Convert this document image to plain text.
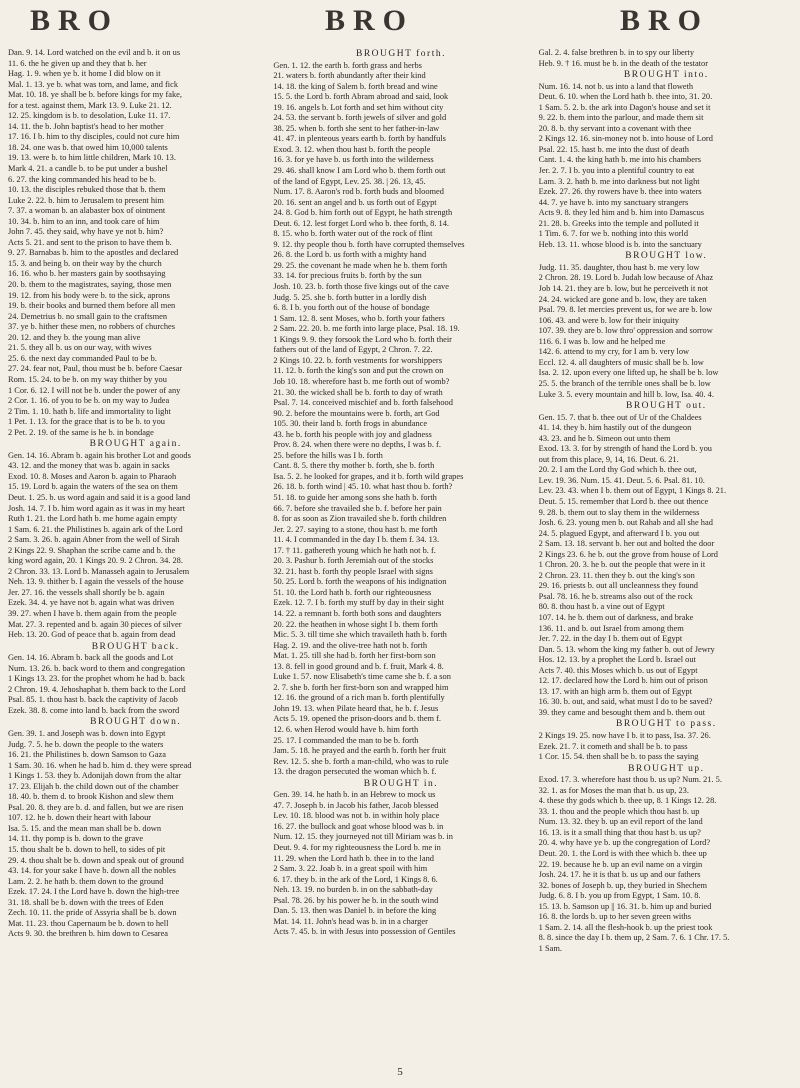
BRO	BRO	BRO

Dan. 9. 14. Lord watched on the evil and b. it on us

11. 6. the he given up and they that b. her

Hag. 1. 9. when ye b. it home I did blow on it

Mal. 1. 13. ye b. what was torn, and lame, and fick

Mat. 10. 18. ye shall be b. before kings for my fake,

for a test. against them, Mark 13. 9. Luke 21. 12.

12. 25. kingdom is b. to desolation, Luke 11. 17.

14. 11. the b. John baptist's head to her mother

17. 16. I b. him to thy disciples, could not cure him

18. 24. one was b. that owed him 10,000 talents

19. 13. were b. to him little children, Mark 10. 13.

Mark 4. 21. a candle b. to be put under a bushel

6. 27. the king commanded his head to be b.

10. 13. the disciples rebuked those that b. them

Luke 2. 22. b. him to Jerusalem to present him

7. 37. a woman b. an alabaster box of ointment

10. 34. b. him to an inn, and took care of him

John 7. 45. they said, why have ye not b. him?

Acts 5. 21. and sent to the prison to have them b.

9. 27. Barnabas b. him to the apostles and declared

15. 3. and being b. on their way by the church

16. 16. who b. her masters gain by soothsaying

20. b. them to the magistrates, saying, those men

19. 12. from his body were b. to the sick, aprons

19. b. their books and burned them before all men

24. Demetrius b. no small gain to the craftsmen

37. ye b. hither these men, no robbers of churches

20. 12. and they b. the young man alive

21. 5. they all b. us on our way, with wives

25. 6. the next day commanded Paul to be b.

27. 24. fear not, Paul, thou must be b. before Caesar

Rom. 15. 24. to be b. on my way thither by you

1 Cor. 6. 12. I will not be b. under the power of any

2 Cor. 1. 16. of you to be b. on my way to Judea

2 Tim. 1. 10. hath b. life and immortality to light

1 Pet. 1. 13. for the grace that is to be b. to you

2 Pet. 2. 19. of the same is he b. in bondage

BROUGHT again.

Gen. 14. 16. Abram b. again his brother Lot and goods

43. 12. and the money that was b. again in sacks

Exod. 10. 8. Moses and Aaron b. again to Pharaoh

15. 19. Lord b. again the waters of the sea on them

Deut. 1. 25. b. us word again and said it is a good land

Josh. 14. 7. I b. him word again as it was in my heart

Ruth 1. 21. the Lord hath b. me home again empty

1 Sam. 6. 21. the Philistines b. again ark of the Lord

2 Sam. 3. 26. b. again Abner from the well of Sirah

2 Kings 22. 9. Shaphan the scribe came and b. the

king word again, 20. 1 Kings 20. 9. 2 Chron. 34. 28.

2 Chron. 33. 13. Lord b. Manasseh again to Jerusalem

Neh. 13. 9. thither b. I again the vessels of the house

Jer. 27. 16. the vessels shall shortly be b. again

Ezek. 34. 4. ye have not b. again what was driven

39. 27. when I have b. them again from the people

Mat. 27. 3. repented and b. again 30 pieces of silver

Heb. 13. 20. God of peace that b. again from dead

BROUGHT back.

Gen. 14. 16. Abram b. back all the goods and Lot

Num. 13. 26. b. back word to them and congregation

1 Kings 13. 23. for the prophet whom he had b. back

2 Chron. 19. 4. Jehoshaphat b. them back to the Lord

Psal. 85. 1. thou hast b. back the captivity of Jacob

Ezek. 38. 8. come into land b. back from the sword

BROUGHT down.

Gen. 39. 1. and Joseph was b. down into Egypt

Judg. 7. 5. he b. down the people to the waters

16. 21. the Philistines b. down Samson to Gaza

1 Sam. 30. 16. when he had b. him d. they were spread

1 Kings 1. 53. they b. Adonijah down from the altar

17. 23. Elijah b. the child down out of the chamber

18. 40. b. them d. to brook Kishon and slew them

Psal. 20. 8. they are b. d. and fallen, but we are risen

107. 12. he b. down their heart with labour

Isa. 5. 15. and the mean man shall be b. down

14. 11. thy pomp is b. down to the grave

15. thou shalt be b. down to hell, to sides of pit

29. 4. thou shalt be b. down and speak out of ground

43. 14. for your sake I have b. down all the nobles

Lam. 2. 2. he hath b. them down to the ground

Ezek. 17. 24. I the Lord have b. down the high-tree

31. 18. shall be b. down with the trees of Eden

Zech. 10. 11. the pride of Assyria shall be b. down

Mat. 11. 23. thou Capernaum be b. down to hell

Acts 9. 30. the brethren b. him down to Cesarea

BROUGHT forth.

Gen. 1. 12. the earth b. forth grass and herbs

21. waters b. forth abundantly after their kind

14. 18. the king of Salem b. forth bread and wine

15. 5. the Lord b. forth Abram abroad and said, look

19. 16. angels b. Lot forth and set him without city

24. 53. the servant b. forth jewels of silver and gold

38. 25. when b. forth she sent to her father-in-law

41. 47. in plenteous years earth b. forth by handfuls

Exod. 3. 12. when thou hast b. forth the people

16. 3. for ye have b. us forth into the wilderness

29. 46. shall know I am Lord who b. them forth out

of the land of Egypt, Lev. 25. 38. | 26. 13, 45.

Num. 17. 8. Aaron's rod b. forth buds and bloomed

20. 16. sent an angel and b. us forth out of Egypt

24. 8. God b. him forth out of Egypt, he hath strength

Deut. 6. 12. lest forget Lord who b. thee forth, 8. 14.

8. 15. who b. forth water out of the rock of flint

9. 12. thy people thou b. forth have corrupted themselves

26. 8. the Lord b. us forth with a mighty hand

29. 25. the covenant he made when he b. them forth

33. 14. for precious fruits b. forth by the sun

Josh. 10. 23. b. forth those five kings out of the cave

Judg. 5. 25. she b. forth butter in a lordly dish

6. 8. I b. you forth out of the house of bondage

1 Sam. 12. 8. sent Moses, who b. forth your fathers

2 Sam. 22. 20. b. me forth into large place, Psal. 18. 19.

1 Kings 9. 9. they forsook the Lord who b. forth their

fathers out of the land of Egypt, 2 Chron. 7. 22.

2 Kings 10. 22. b. forth vestments for worshippers

11. 12. b. forth the king's son and put the crown on

Job 10. 18. wherefore hast b. me forth out of womb?

21. 30. the wicked shall be b. forth to day of wrath

Psal. 7. 14. conceived mischief and b. forth falsehood

90. 2. before the mountains were b. forth, art God

105. 30. their land b. forth frogs in abundance

43. he b. forth his people with joy and gladness

Prov. 8. 24. when there were no depths, I was b. f.

25. before the hills was I b. forth

Cant. 8. 5. there thy mother b. forth, she b. forth

Isa. 5. 2. he looked for grapes, and it b. forth wild grapes

26. 18. b. forth wind | 45. 10. what hast thou b. forth?

51. 18. to guide her among sons she hath b. forth

66. 7. before she travailed she b. f. before her pain

8. for as soon as Zion travailed she b. forth children

Jer. 2. 27. saying to a stone, thou hast b. me forth

11. 4. I commanded in the day I b. them f. 34. 13.

17. † 11. gathereth young which he hath not b. f.

20. 3. Pashur b. forth Jeremiah out of the stocks

32. 21. hast b. forth thy people Israel with signs

50. 25. Lord b. forth the weapons of his indignation

51. 10. the Lord hath b. forth our righteousness

Ezek. 12. 7. I b. forth my stuff by day in their sight

14. 22. a remnant b. forth both sons and daughters

20. 22. the heathen in whose sight I b. them forth

Mic. 5. 3. till time she which travaileth hath b. forth

Hag. 2. 19. and the olive-tree hath not b. forth

Mat. 1. 25. till she had b. forth her first-born son

13. 8. fell in good ground and b. f. fruit, Mark 4. 8.

Luke 1. 57. now Elisabeth's time came she b. f. a son

2. 7. she b. forth her first-born son and wrapped him

12. 16. the ground of a rich man b. forth plentifully

John 19. 13. when Pilate heard that, he b. f. Jesus

Acts 5. 19. opened the prison-doors and b. them f.

12. 6. when Herod would have b. him forth

25. 17. I commanded the man to be b. forth

Jam. 5. 18. he prayed and the earth b. forth her fruit

Rev. 12. 5. she b. forth a man-child, who was to rule

13. the dragon persecuted the woman which b. f.

BROUGHT in.

Gen. 39. 14. he hath b. in an Hebrew to mock us

47. 7. Joseph b. in Jacob his father, Jacob blessed

Lev. 10. 18. blood was not b. in within holy place

16. 27. the bullock and goat whose blood was b. in

Num. 12. 15. they journeyed not till Miriam was b. in

Deut. 9. 4. for my righteousness the Lord b. me in

11. 29. when the Lord hath b. thee in to the land

2 Sam. 3. 22. Joab b. in a great spoil with him

6. 17. they b. in the ark of the Lord, 1 Kings 8. 6.

Neh. 13. 19. no burden b. in on the sabbath-day

Psal. 78. 26. by his power he b. in the south wind

Dan. 5. 13. then was Daniel b. in before the king

Mat. 14. 11. John's head was b. in in a charger

Acts 7. 45. b. in with Jesus into possession of Gentiles

Gal. 2. 4. false brethren b. in to spy our liberty

Heb. 9. † 16. must be b. in the death of the testator

BROUGHT into.

Num. 16. 14. not b. us into a land that floweth

Deut. 6. 10. when the Lord hath b. thee into, 31. 20.

1 Sam. 5. 2. b. the ark into Dagon's house and set it

9. 22. b. them into the parlour, and made them sit

20. 8. b. thy servant into a covenant with thee

2 Kings 12. 16. sin-money not b. into house of Lord

Psal. 22. 15. hast b. me into the dust of death

Cant. 1. 4. the king hath b. me into his chambers

Jer. 2. 7. I b. you into a plentiful country to eat

Lam. 3. 2. hath b. me into darkness but not light

Ezek. 27. 26. thy rowers have b. thee into waters

44. 7. ye have b. into my sanctuary strangers

Acts 9. 8. they led him and b. him into Damascus

21. 28. b. Greeks into the temple and polluted it

1 Tim. 6. 7. for we b. nothing into this world

Heb. 13. 11. whose blood is b. into the sanctuary

BROUGHT low.

Judg. 11. 35. daughter, thou hast b. me very low

2 Chron. 28. 19. Lord b. Judah low because of Ahaz

Job 14. 21. they are b. low, but he perceiveth it not

24. 24. wicked are gone and b. low, they are taken

Psal. 79. 8. let mercies prevent us, for we are b. low

106. 43. and were b. low for their iniquity

107. 39. they are b. low thro' oppression and sorrow

116. 6. I was b. low and he helped me

142. 6. attend to my cry, for I am b. very low

Eccl. 12. 4. all daughters of music shall be b. low

Isa. 2. 12. upon every one lifted up, he shall be b. low

25. 5. the branch of the terrible ones shall be b. low

Luke 3. 5. every mountain and hill b. low, Isa. 40. 4.

BROUGHT out.

Gen. 15. 7. that b. thee out of Ur of the Chaldees

41. 14. they b. him hastily out of the dungeon

43. 23. and he b. Simeon out unto them

Exod. 13. 3. for by strength of hand the Lord b. you

out from this place, 9, 14, 16. Deut. 6. 21.

20. 2. I am the Lord thy God which b. thee out,

Lev. 19. 36. Num. 15. 41. Deut. 5. 6. Psal. 81. 10.

Lev. 23. 43. when I b. them out of Egypt, 1 Kings 8. 21.

Deut. 5. 15. remember that Lord b. thee out thence

9. 28. b. them out to slay them in the wilderness

Josh. 6. 23. young men b. out Rahab and all she had

24. 5. plagued Egypt, and afterward I b. you out

2 Sam. 13. 18. servant b. her out and bolted the door

2 Kings 23. 6. he b. out the grove from house of Lord

1 Chron. 20. 3. he b. out the people that were in it

2 Chron. 23. 11. then they b. out the king's son

29. 16. priests b. out all uncleanness they found

Psal. 78. 16. he b. streams also out of the rock

80. 8. thou hast b. a vine out of Egypt

107. 14. he b. them out of darkness, and brake

136. 11. and b. out Israel from among them

Jer. 7. 22. in the day I b. them out of Egypt

Dan. 5. 13. whom the king my father b. out of Jewry

Hos. 12. 13. by a prophet the Lord b. Israel out

Acts 7. 40. this Moses which b. us out of Egypt

12. 17. declared how the Lord b. him out of prison

13. 17. with an high arm b. them out of Egypt

16. 30. b. out, and said, what must I do to be saved?

39. they came and besought them and b. them out

BROUGHT to pass.

2 Kings 19. 25. now have I b. it to pass, Isa. 37. 26.

Ezek. 21. 7. it cometh and shall be b. to pass

1 Cor. 15. 54. then shall be b. to pass the saying

BROUGHT up.

Exod. 17. 3. wherefore hast thou b. us up? Num. 21. 5.

32. 1. as for Moses the man that b. us up, 23.

4. these thy gods which b. thee up, 8. 1 Kings 12. 28.

33. 1. thou and the people which thou hast b. up

Num. 13. 32. they b. up an evil report of the land

16. 13. is it a small thing that thou hast b. us up?

20. 4. why have ye b. up the congregation of Lord?

Deut. 20. 1. the Lord is with thee which b. thee up

22. 19. because he b. up an evil name on a virgin

Josh. 24. 17. he it is that b. us up and our fathers

32. bones of Joseph b. up, they buried in Shechem

Judg. 6. 8. I b. you up from Egypt, 1 Sam. 10. 8.

15. 13. b. Samson up || 16. 31. b. him up and buried

16. 8. the lords b. up to her seven green withs

1 Sam. 2. 14. all the flesh-hook b. up the priest took

8. 8. since the day I b. them up, 2 Sam. 7. 6. 1 Chr. 17. 5.

1 Sam.

5
